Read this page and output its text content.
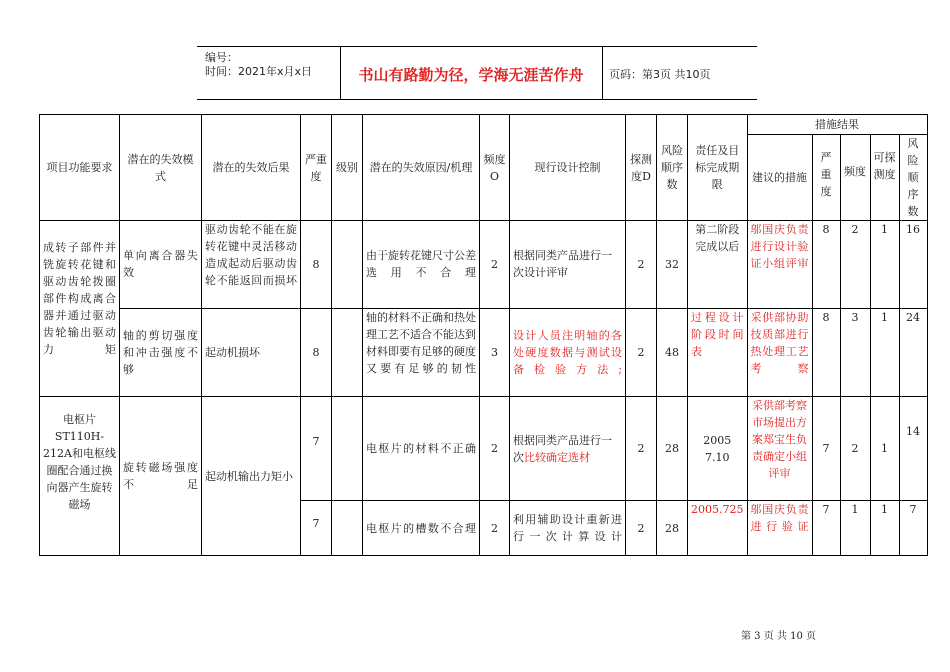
编号：
时间：2021年x月x日	书山有路勤为径，学海无涯苦作舟	页码：第3页 共10页
项目功能要求	潜在的失效模式	潜在的失效后果	严重度	级别	潜在的失效原因/机理	频度O	现行设计控制	探测度D	风险顺序数	责任及目标完成期限	措施结果				
											建议的措施	严重度	频度	可探测度	风险顺序数
成转子部件并铣旋转花键和驱动齿轮拨圈部件构成离合器并通过驱动齿轮输出驱动力矩	单向离合器失效	驱动齿轮不能在旋转花键中灵活移动造成起动后驱动齿轮不能返回而损坏	8		由于旋转花键尺寸公差选用不合理	2	根据同类产品进行一次设计评审	2	32	第二阶段完成以后	邬国庆负责进行设计验证小组评审	8	2	1	16
	轴的剪切强度和冲击强度不够	起动机损坏	8		轴的材料不正确和热处理工艺不适合不能达到材料即要有足够的硬度又要有足够的韧性	3	设计人员注明轴的各处硬度数据与测试设备检验方法;	2	48	过程设计阶段时间表	采供部协助技质部进行热处理工艺考察	8	3	1	24
电枢片ST110H-212A和电枢线圈配合通过换向器产生旋转磁场	旋转磁场强度不足	起动机输出力矩小	7		电枢片的材料不正确	2	根据同类产品进行一次比较确定选材	2	28	2005 7.10	采供部考察市场提出方案郑宝生负责确定小组评审	7	2	1	14
			7		电枢片的槽数不合理	2	利用辅助设计重新进行一次计算设计	2	28	2005.725	邬国庆负责进行验证	7	1	1	7
第 3 页 共 10 页
